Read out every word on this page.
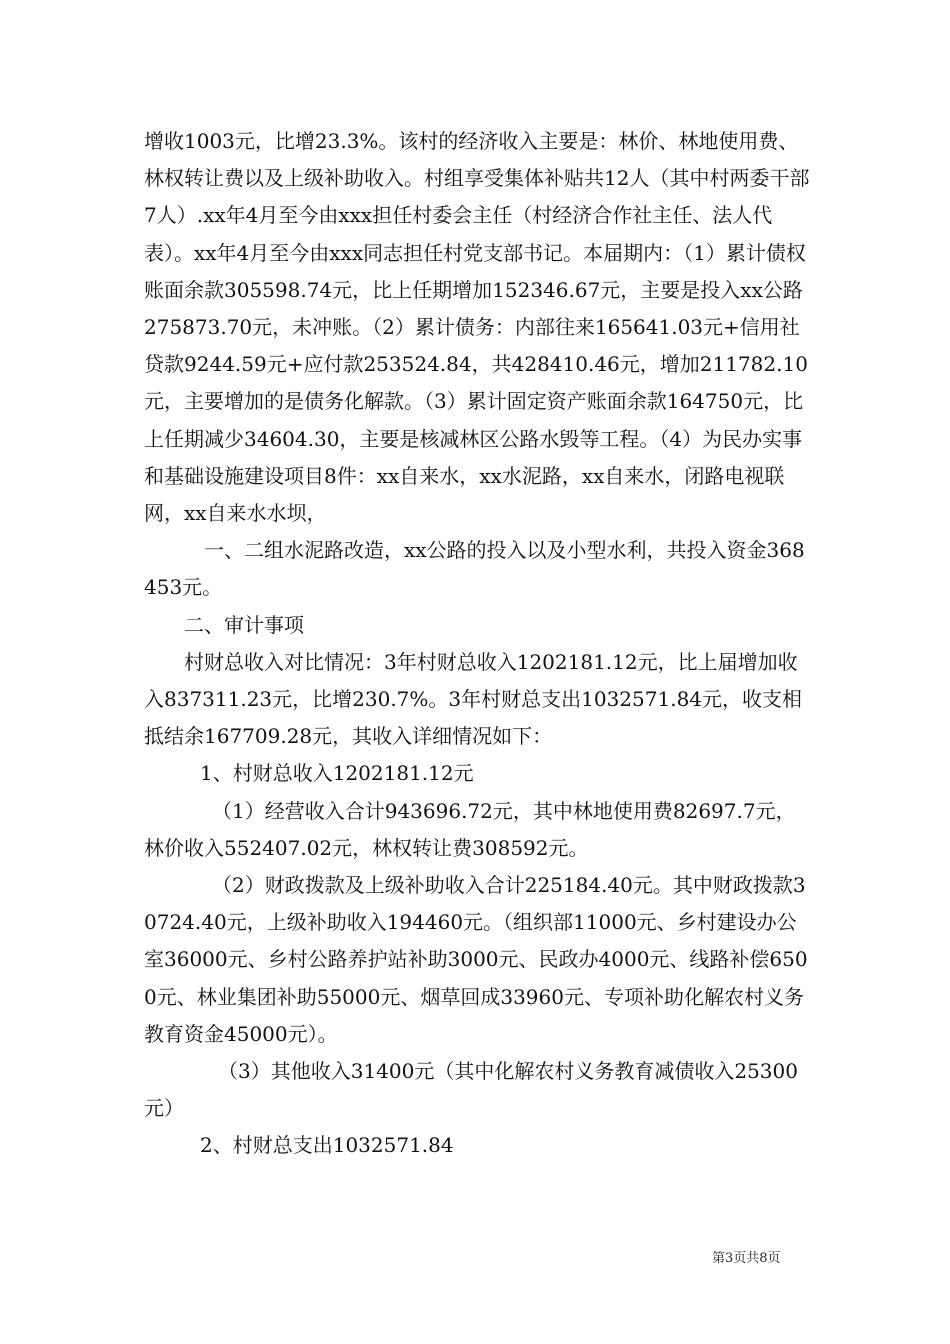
增收1003元，比增23.3%。该村的经济收入主要是：林价、林地使用费、林权转让费以及上级补助收入。村组享受集体补贴共12人（其中村两委干部7人）.xx年4月至今由xxx担任村委会主任（村经济合作社主任、法人代表）。xx年4月至今由xxx同志担任村党支部书记。本届期内：（1）累计债权账面余款305598.74元，比上任期增加152346.67元，主要是投入xx公路275873.70元，未冲账。（2）累计债务：内部往来165641.03元+信用社贷款9244.59元+应付款253524.84，共428410.46元，增加211782.10元，主要增加的是债务化解款。（3）累计固定资产账面余款164750元，比上任期减少34604.30，主要是核减林区公路水毁等工程。（4）为民办实事和基础设施建设项目8件：xx自来水，xx水泥路，xx自来水，闭路电视联网，xx自来水水坝，

一、二组水泥路改造，xx公路的投入以及小型水利，共投入资金368453元。

二、审计事项

村财总收入对比情况：3年村财总收入1202181.12元，比上届增加收入837311.23元，比增230.7%。3年村财总支出1032571.84元，收支相抵结余167709.28元，其收入详细情况如下：

1、村财总收入1202181.12元

（1）经营收入合计943696.72元，其中林地使用费82697.7元，林价收入552407.02元，林权转让费308592元。

（2）财政拨款及上级补助收入合计225184.40元。其中财政拨款30724.40元，上级补助收入194460元。（组织部11000元、乡村建设办公室36000元、乡村公路养护站补助3000元、民政办4000元、线路补偿6500元、林业集团补助55000元、烟草回成33960元、专项补助化解农村义务教育资金45000元）。

（3）其他收入31400元（其中化解农村义务教育减债收入25300元）

2、村财总支出1032571.84

第3页共8页
